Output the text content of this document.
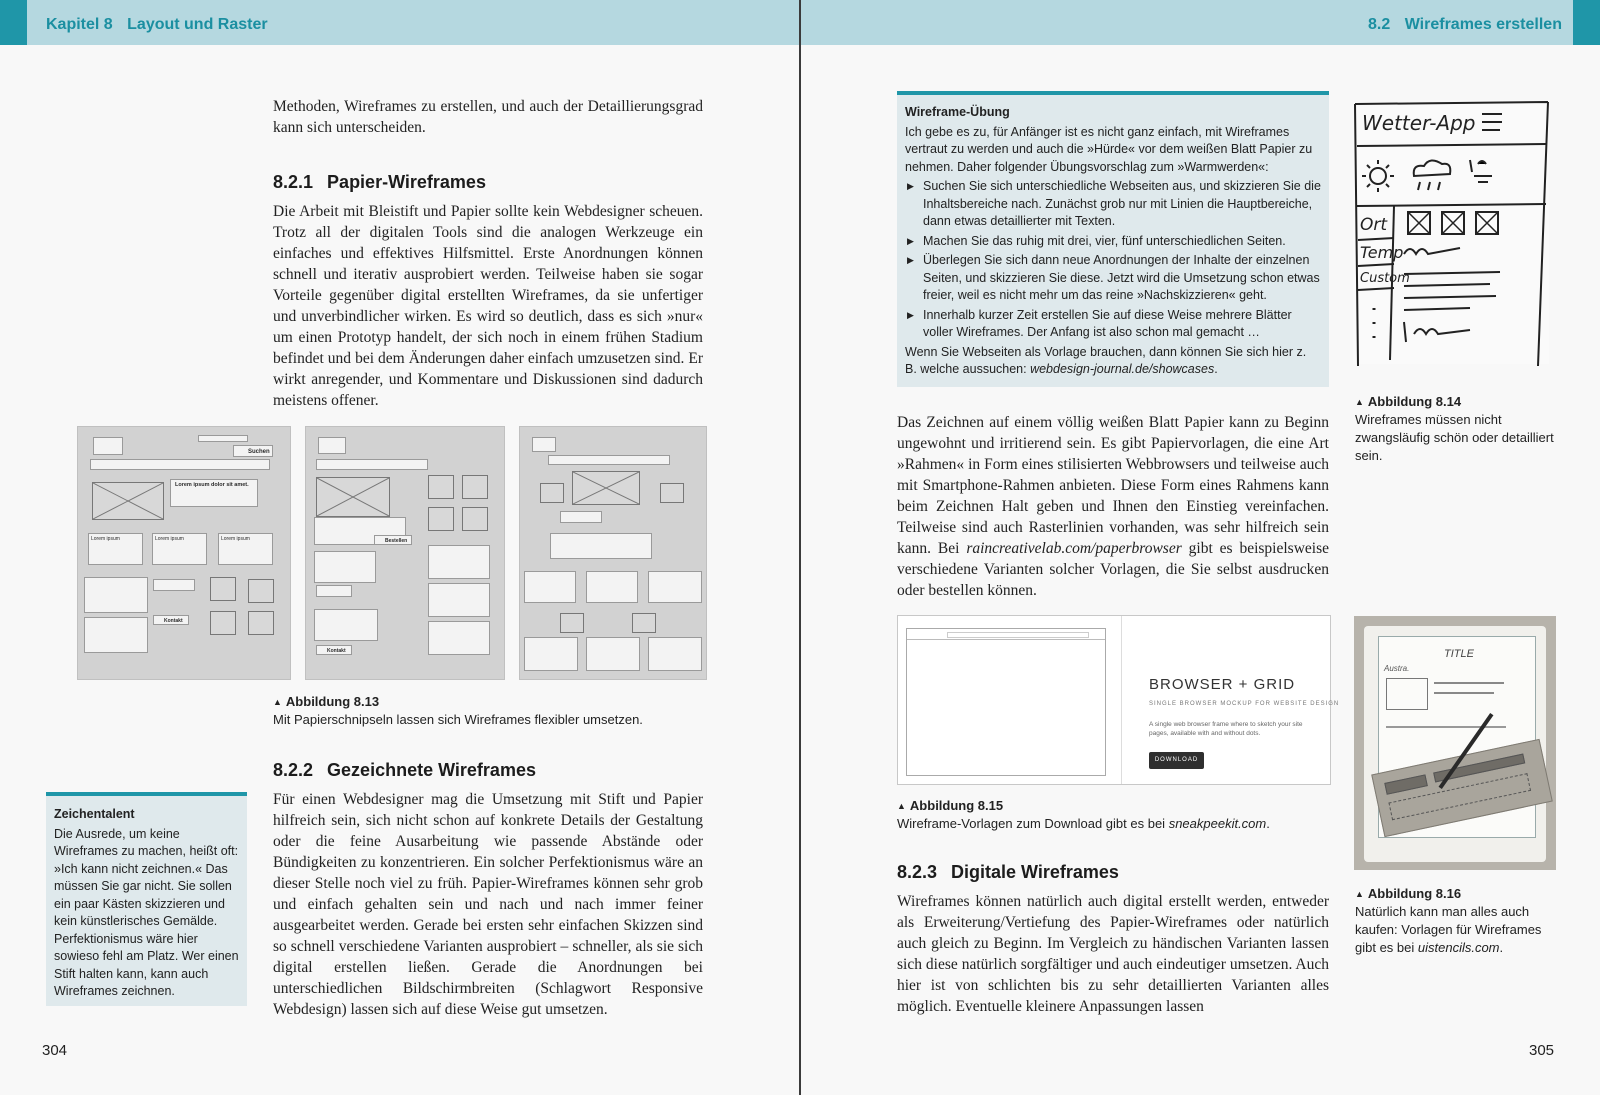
Kapitel 8 Layout und Raster

Methoden, Wireframes zu erstellen, und auch der Detaillierungsgrad kann sich unterscheiden.

8.2.1 Papier-Wireframes

Die Arbeit mit Bleistift und Papier sollte kein Webdesigner scheuen. Trotz all der digitalen Tools sind die analogen Werkzeuge ein einfaches und effektives Hilfsmittel. Erste Anordnungen können schnell und iterativ ausprobiert werden. Teilweise haben sie sogar Vorteile gegenüber digital erstellten Wireframes, da sie unfertiger und unverbindlicher wirken. Es wird so deutlich, dass es sich »nur« um einen Prototyp handelt, der sich noch in einem frühen Stadium befindet und bei dem Änderungen daher einfach umzusetzen sind. Er wirkt anregender, und Kommentare und Diskussionen sind dadurch meistens offener.

Suchen
Lorem ipsum dolor sit amet.
Lorem ipsum	Lorem ipsum	Lorem ipsum
Kontakt
Bestellen
Kontakt
▲ Abbildung 8.13
Mit Papierschnipseln lassen sich Wireframes flexibler umsetzen.
8.2.2 Gezeichnete Wireframes

Für einen Webdesigner mag die Umsetzung mit Stift und Papier hilfreich sein, sich nicht schon auf konkrete Details der Gestaltung oder die feine Ausarbeitung wie passende Abstände oder Bündigkeiten zu konzentrieren. Ein solcher Perfektionismus wäre an dieser Stelle noch viel zu früh. Papier-Wireframes können sehr grob und einfach gehalten sein und nach und nach immer feiner ausgearbeitet werden. Gerade bei ersten sehr einfachen Skizzen sind so schnell verschiedene Varianten ausprobiert – schneller, als sie sich digital erstellen ließen. Gerade die Anordnungen bei unterschiedlichen Bildschirmbreiten (Schlagwort Responsive Webdesign) lassen sich auf diese Weise gut umsetzen.

Zeichentalent
Die Ausrede, um keine Wireframes zu machen, heißt oft: »Ich kann nicht zeichnen.« Das müssen Sie gar nicht. Sie sollen ein paar Kästen skizzieren und kein künstlerisches Gemälde. Perfektionismus wäre hier sowieso fehl am Platz. Wer einen Stift halten kann, kann auch Wireframes zeichnen.
304
8.2 Wireframes erstellen
Wireframe-Übung
Ich gebe es zu, für Anfänger ist es nicht ganz einfach, mit Wireframes vertraut zu werden und auch die »Hürde« vor dem weißen Blatt Papier zu nehmen. Daher folgender Übungsvorschlag zum »Warmwerden«:
▶ Suchen Sie sich unterschiedliche Webseiten aus, und skizzieren Sie die Inhaltsbereiche nach. Zunächst grob nur mit Linien die Hauptbereiche, dann etwas detaillierter mit Texten.
▶ Machen Sie das ruhig mit drei, vier, fünf unterschiedlichen Seiten.
▶ Überlegen Sie sich dann neue Anordnungen der Inhalte der einzelnen Seiten, und skizzieren Sie diese. Jetzt wird die Umsetzung schon etwas freier, weil es nicht mehr um das reine »Nachskizzieren« geht.
▶ Innerhalb kurzer Zeit erstellen Sie auf diese Weise mehrere Blätter voller Wireframes. Der Anfang ist also schon mal gemacht …
Wenn Sie Webseiten als Vorlage brauchen, dann können Sie sich hier z. B. welche aussuchen: webdesign-journal.de/showcases.
Wetter-App
Ort
Temp
Custom
▲ Abbildung 8.14
Wireframes müssen nicht zwangsläufig schön oder detailliert sein.

Das Zeichnen auf einem völlig weißen Blatt Papier kann zu Beginn ungewohnt und irritierend sein. Es gibt Papiervorlagen, die eine Art »Rahmen« in Form eines stilisierten Webbrowsers und teilweise auch mit Smartphone-Rahmen anbieten. Diese Form eines Rahmens kann beim Zeichnen Halt geben und Ihnen den Einstieg vereinfachen. Teilweise sind auch Rasterlinien vorhanden, was sehr hilfreich sein kann. Bei raincreativelab.com/paperbrowser gibt es beispielsweise verschiedene Varianten solcher Vorlagen, die Sie selbst ausdrucken oder bestellen können.

BROWSER + GRID
SINGLE BROWSER MOCKUP FOR WEBSITE DESIGN
A single web browser frame where to sketch your site pages, available with and without dots.
DOWNLOAD
▲ Abbildung 8.15
Wireframe-Vorlagen zum Download gibt es bei sneakpeekit.com.
TITLE
Austra.
▲ Abbildung 8.16
Natürlich kann man alles auch kaufen: Vorlagen für Wireframes gibt es bei uistencils.com.
8.2.3 Digitale Wireframes

Wireframes können natürlich auch digital erstellt werden, entweder als Erweiterung/Vertiefung des Papier-Wireframes oder natürlich auch gleich zu Beginn. Im Vergleich zu händischen Varianten lassen sich diese natürlich sorgfältiger und auch eindeutiger umsetzen. Auch hier ist von schlichten bis zu sehr detaillierten Varianten alles möglich. Eventuelle kleinere Anpassungen lassen

305
